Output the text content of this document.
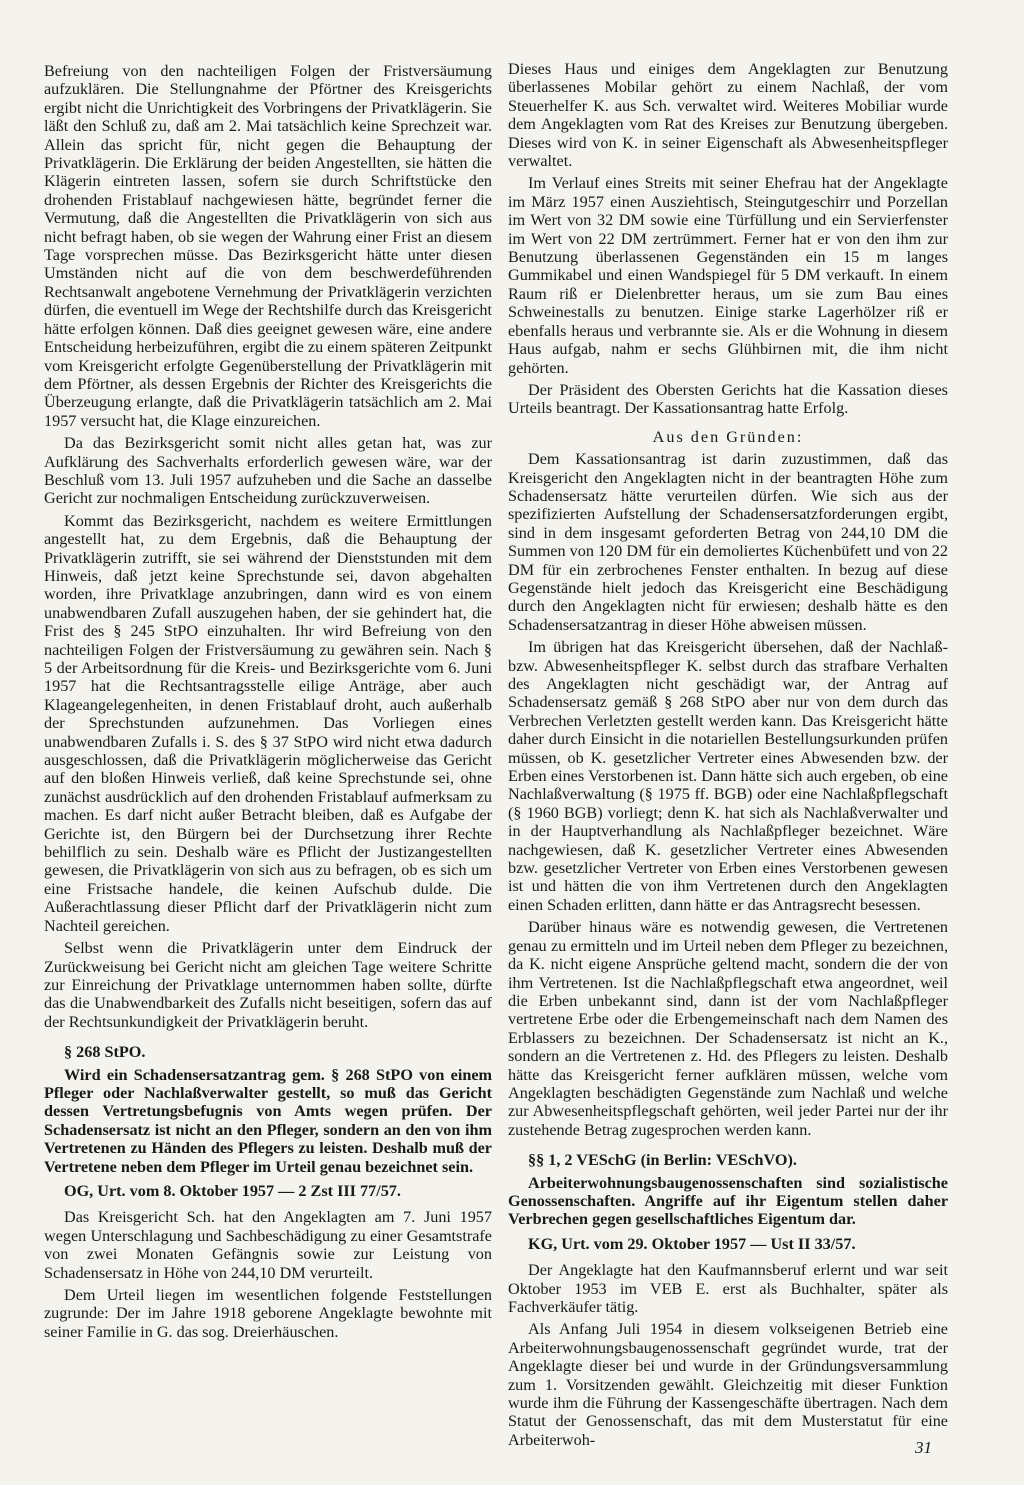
Befreiung von den nachteiligen Folgen der Fristversäumung aufzuklären. Die Stellungnahme der Pförtner des Kreisgerichts ergibt nicht die Unrichtigkeit des Vorbringens der Privatklägerin. Sie läßt den Schluß zu, daß am 2. Mai tatsächlich keine Sprechzeit war. Allein das spricht für, nicht gegen die Behauptung der Privatklägerin. Die Erklärung der beiden Angestellten, sie hätten die Klägerin eintreten lassen, sofern sie durch Schriftstücke den drohenden Fristablauf nachgewiesen hätte, begründet ferner die Vermutung, daß die Angestellten die Privatklägerin von sich aus nicht befragt haben, ob sie wegen der Wahrung einer Frist an diesem Tage vorsprechen müsse. Das Bezirksgericht hätte unter diesen Umständen nicht auf die von dem beschwerdeführenden Rechtsanwalt angebotene Vernehmung der Privatklägerin verzichten dürfen, die eventuell im Wege der Rechtshilfe durch das Kreisgericht hätte erfolgen können. Daß dies geeignet gewesen wäre, eine andere Entscheidung herbeizuführen, ergibt die zu einem späteren Zeitpunkt vom Kreisgericht erfolgte Gegenüberstellung der Privatklägerin mit dem Pförtner, als dessen Ergebnis der Richter des Kreisgerichts die Überzeugung erlangte, daß die Privatklägerin tatsächlich am 2. Mai 1957 versucht hat, die Klage einzureichen.

Da das Bezirksgericht somit nicht alles getan hat, was zur Aufklärung des Sachverhalts erforderlich gewesen wäre, war der Beschluß vom 13. Juli 1957 aufzuheben und die Sache an dasselbe Gericht zur nochmaligen Entscheidung zurückzuverweisen.

Kommt das Bezirksgericht, nachdem es weitere Ermittlungen angestellt hat, zu dem Ergebnis, daß die Behauptung der Privatklägerin zutrifft, sie sei während der Dienststunden mit dem Hinweis, daß jetzt keine Sprechstunde sei, davon abgehalten worden, ihre Privatklage anzubringen, dann wird es von einem unabwendbaren Zufall auszugehen haben, der sie gehindert hat, die Frist des § 245 StPO einzuhalten. Ihr wird Befreiung von den nachteiligen Folgen der Fristversäumung zu gewähren sein. Nach § 5 der Arbeitsordnung für die Kreis- und Bezirksgerichte vom 6. Juni 1957 hat die Rechtsantragsstelle eilige Anträge, aber auch Klageangelegenheiten, in denen Fristablauf droht, auch außerhalb der Sprechstunden aufzunehmen. Das Vorliegen eines unabwendbaren Zufalls i. S. des § 37 StPO wird nicht etwa dadurch ausgeschlossen, daß die Privatklägerin möglicherweise das Gericht auf den bloßen Hinweis verließ, daß keine Sprechstunde sei, ohne zunächst ausdrücklich auf den drohenden Fristablauf aufmerksam zu machen. Es darf nicht außer Betracht bleiben, daß es Aufgabe der Gerichte ist, den Bürgern bei der Durchsetzung ihrer Rechte behilflich zu sein. Deshalb wäre es Pflicht der Justizangestellten gewesen, die Privatklägerin von sich aus zu befragen, ob es sich um eine Fristsache handele, die keinen Aufschub dulde. Die Außerachtlassung dieser Pflicht darf der Privatklägerin nicht zum Nachteil gereichen.

Selbst wenn die Privatklägerin unter dem Eindruck der Zurückweisung bei Gericht nicht am gleichen Tage weitere Schritte zur Einreichung der Privatklage unternommen haben sollte, dürfte das die Unabwendbarkeit des Zufalls nicht beseitigen, sofern das auf der Rechtsunkundigkeit der Privatklägerin beruht.

§ 268 StPO.

Wird ein Schadensersatzantrag gem. § 268 StPO von einem Pfleger oder Nachlaßverwalter gestellt, so muß das Gericht dessen Vertretungsbefugnis von Amts wegen prüfen. Der Schadensersatz ist nicht an den Pfleger, sondern an den von ihm Vertretenen zu Händen des Pflegers zu leisten. Deshalb muß der Vertretene neben dem Pfleger im Urteil genau bezeichnet sein.

OG, Urt. vom 8. Oktober 1957 — 2 Zst III 77/57.

Das Kreisgericht Sch. hat den Angeklagten am 7. Juni 1957 wegen Unterschlagung und Sachbeschädigung zu einer Gesamtstrafe von zwei Monaten Gefängnis sowie zur Leistung von Schadensersatz in Höhe von 244,10 DM verurteilt.

Dem Urteil liegen im wesentlichen folgende Feststellungen zugrunde: Der im Jahre 1918 geborene Angeklagte bewohnte mit seiner Familie in G. das sog. Dreierhäuschen.

Dieses Haus und einiges dem Angeklagten zur Benutzung überlassenes Mobilar gehört zu einem Nachlaß, der vom Steuerhelfer K. aus Sch. verwaltet wird. Weiteres Mobiliar wurde dem Angeklagten vom Rat des Kreises zur Benutzung übergeben. Dieses wird von K. in seiner Eigenschaft als Abwesenheitspfleger verwaltet.

Im Verlauf eines Streits mit seiner Ehefrau hat der Angeklagte im März 1957 einen Ausziehtisch, Steingutgeschirr und Porzellan im Wert von 32 DM sowie eine Türfüllung und ein Servierfenster im Wert von 22 DM zertrümmert. Ferner hat er von den ihm zur Benutzung überlassenen Gegenständen ein 15 m langes Gummikabel und einen Wandspiegel für 5 DM verkauft. In einem Raum riß er Dielenbretter heraus, um sie zum Bau eines Schweinestalls zu benutzen. Einige starke Lagerhölzer riß er ebenfalls heraus und verbrannte sie. Als er die Wohnung in diesem Haus aufgab, nahm er sechs Glühbirnen mit, die ihm nicht gehörten.

Der Präsident des Obersten Gerichts hat die Kassation dieses Urteils beantragt. Der Kassationsantrag hatte Erfolg.

Aus den Gründen:

Dem Kassationsantrag ist darin zuzustimmen, daß das Kreisgericht den Angeklagten nicht in der beantragten Höhe zum Schadensersatz hätte verurteilen dürfen. Wie sich aus der spezifizierten Aufstellung der Schadensersatzforderungen ergibt, sind in dem insgesamt geforderten Betrag von 244,10 DM die Summen von 120 DM für ein demoliertes Küchenbüfett und von 22 DM für ein zerbrochenes Fenster enthalten. In bezug auf diese Gegenstände hielt jedoch das Kreisgericht eine Beschädigung durch den Angeklagten nicht für erwiesen; deshalb hätte es den Schadensersatzantrag in dieser Höhe abweisen müssen.

Im übrigen hat das Kreisgericht übersehen, daß der Nachlaß- bzw. Abwesenheitspfleger K. selbst durch das strafbare Verhalten des Angeklagten nicht geschädigt war, der Antrag auf Schadensersatz gemäß § 268 StPO aber nur von dem durch das Verbrechen Verletzten gestellt werden kann. Das Kreisgericht hätte daher durch Einsicht in die notariellen Bestellungsurkunden prüfen müssen, ob K. gesetzlicher Vertreter eines Abwesenden bzw. der Erben eines Verstorbenen ist. Dann hätte sich auch ergeben, ob eine Nachlaßverwaltung (§ 1975 ff. BGB) oder eine Nachlaßpflegschaft (§ 1960 BGB) vorliegt; denn K. hat sich als Nachlaßverwalter und in der Hauptverhandlung als Nachlaßpfleger bezeichnet. Wäre nachgewiesen, daß K. gesetzlicher Vertreter eines Abwesenden bzw. gesetzlicher Vertreter von Erben eines Verstorbenen gewesen ist und hätten die von ihm Vertretenen durch den Angeklagten einen Schaden erlitten, dann hätte er das Antragsrecht besessen.

Darüber hinaus wäre es notwendig gewesen, die Vertretenen genau zu ermitteln und im Urteil neben dem Pfleger zu bezeichnen, da K. nicht eigene Ansprüche geltend macht, sondern die der von ihm Vertretenen. Ist die Nachlaßpflegschaft etwa angeordnet, weil die Erben unbekannt sind, dann ist der vom Nachlaßpfleger vertretene Erbe oder die Erbengemeinschaft nach dem Namen des Erblassers zu bezeichnen. Der Schadensersatz ist nicht an K., sondern an die Vertretenen z. Hd. des Pflegers zu leisten. Deshalb hätte das Kreisgericht ferner aufklären müssen, welche vom Angeklagten beschädigten Gegenstände zum Nachlaß und welche zur Abwesenheitspflegschaft gehörten, weil jeder Partei nur der ihr zustehende Betrag zugesprochen werden kann.

§§ 1, 2 VESchG (in Berlin: VESchVO).

Arbeiterwohnungsbaugenossenschaften sind sozialistische Genossenschaften. Angriffe auf ihr Eigentum stellen daher Verbrechen gegen gesellschaftliches Eigentum dar.

KG, Urt. vom 29. Oktober 1957 — Ust II 33/57.

Der Angeklagte hat den Kaufmannsberuf erlernt und war seit Oktober 1953 im VEB E. erst als Buchhalter, später als Fachverkäufer tätig.

Als Anfang Juli 1954 in diesem volkseigenen Betrieb eine Arbeiterwohnungsbaugenossenschaft gegründet wurde, trat der Angeklagte dieser bei und wurde in der Gründungsversammlung zum 1. Vorsitzenden gewählt. Gleichzeitig mit dieser Funktion wurde ihm die Führung der Kassengeschäfte übertragen. Nach dem Statut der Genossenschaft, das mit dem Musterstatut für eine Arbeiterwoh-	31
